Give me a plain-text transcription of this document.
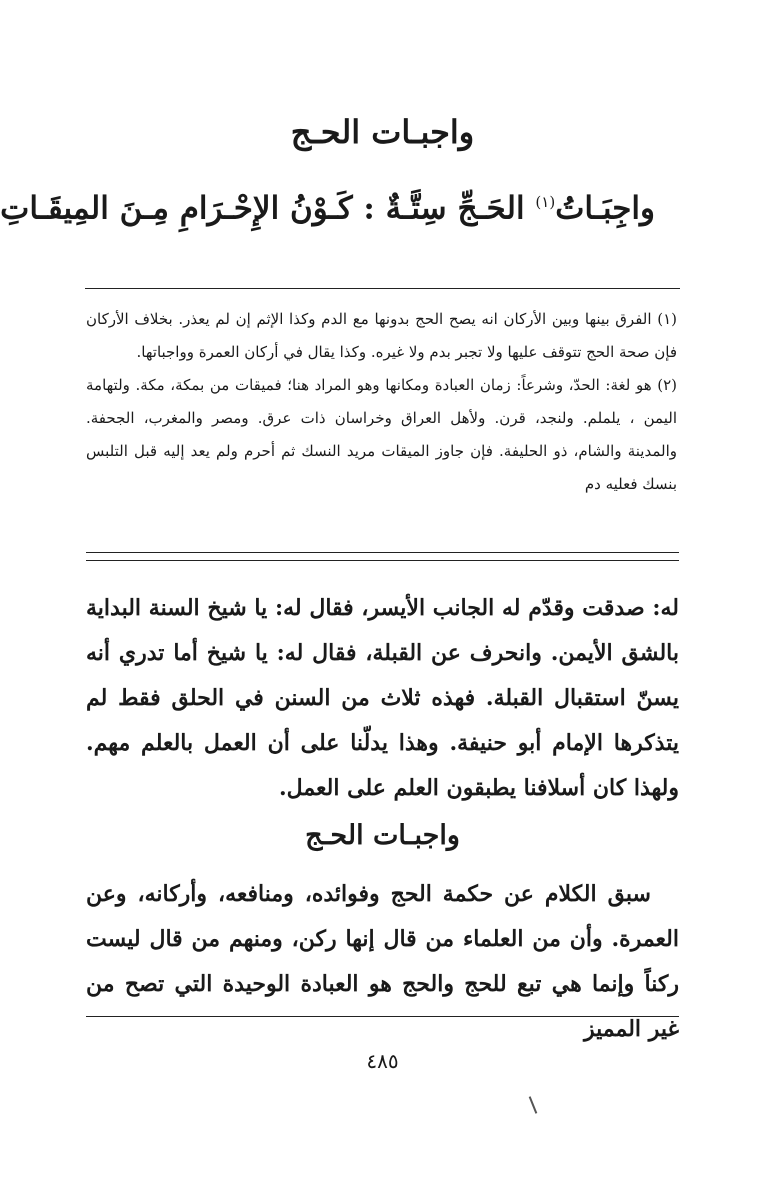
واجبـات الحـج
واجِبَـاتُ$^{(١)}$ الحَـجِّ سِتَّـةٌ : كَـوْنُ الإِحْـرَامِ مِـنَ المِيقَـاتِ

(١) الفرق بينها وبين الأركان انه يصح الحج بدونها مع الدم وكذا الإثم إن لم يعذر. بخلاف الأركان فإن صحة الحج تتوقف عليها ولا تجبر بدم ولا غيره. وكذا يقال في أركان العمرة وواجباتها.

(٢) هو لغة: الحدّ، وشرعاً: زمان العبادة ومكانها وهو المراد هنا؛ فميقات من بمكة، مكة. ولتهامة اليمن ، يلملم. ولنجد، قرن. ولأهل العراق وخراسان ذات عرق. ومصر والمغرب، الجحفة. والمدينة والشام، ذو الحليفة. فإن جاوز الميقات مريد النسك ثم أحرم ولم يعد إليه قبل التلبس بنسك فعليه دم

له: صدقت وقدّم له الجانب الأيسر، فقال له: يا شيخ السنة البداية بالشق الأيمن. وانحرف عن القبلة، فقال له: يا شيخ أما تدري أنه يسنّ استقبال القبلة. فهذه ثلاث من السنن في الحلق فقط لم يتذكرها الإمام أبو حنيفة. وهذا يدلّنا على أن العمل بالعلم مهم. ولهذا كان أسلافنا يطبقون العلم على العمل.

واجبـات الحـج

سبق الكلام عن حكمة الحج وفوائده، ومنافعه، وأركانه، وعن العمرة. وأن من العلماء من قال إنها ركن، ومنهم من قال ليست ركناً وإنما هي تبع للحج والحج هو العبادة الوحيدة التي تصح من غير المميز

٤٨٥
